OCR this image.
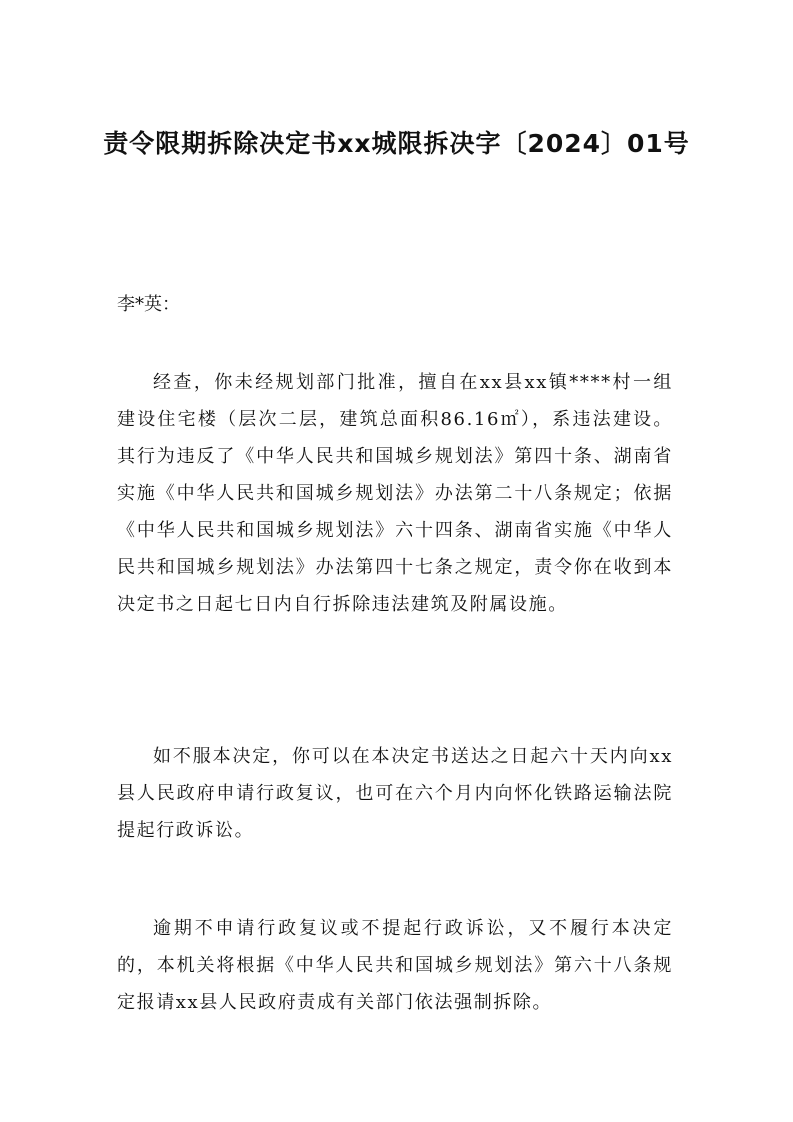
责令限期拆除决定书xx城限拆决字〔2024〕01号

李*英：

经查，你未经规划部门批准，擅自在xx县xx镇****村一组建设住宅楼（层次二层，建筑总面积86.16㎡），系违法建设。其行为违反了《中华人民共和国城乡规划法》第四十条、湖南省实施《中华人民共和国城乡规划法》办法第二十八条规定；依据《中华人民共和国城乡规划法》六十四条、湖南省实施《中华人民共和国城乡规划法》办法第四十七条之规定，责令你在收到本决定书之日起七日内自行拆除违法建筑及附属设施。

如不服本决定，你可以在本决定书送达之日起六十天内向xx县人民政府申请行政复议，也可在六个月内向怀化铁路运输法院提起行政诉讼。

逾期不申请行政复议或不提起行政诉讼，又不履行本决定的，本机关将根据《中华人民共和国城乡规划法》第六十八条规定报请xx县人民政府责成有关部门依法强制拆除。
